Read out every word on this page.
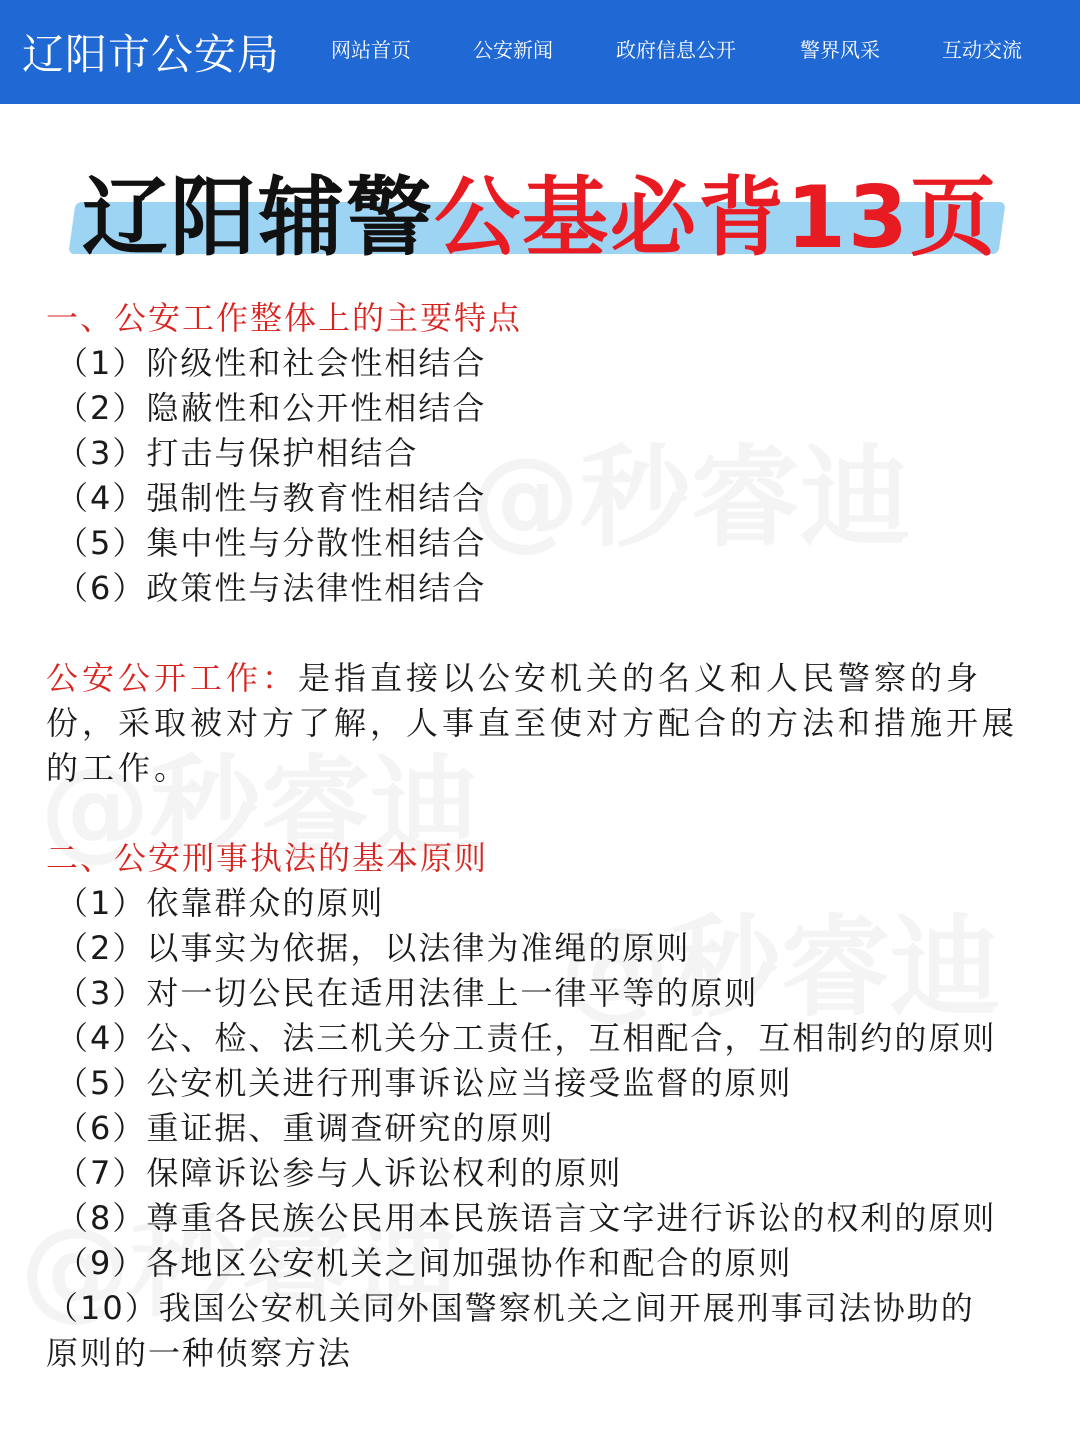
辽阳市公安局	网站首页	公安新闻	政府信息公开	警界风采	互动交流
辽阳辅警公基必背13页
一、公安工作整体上的主要特点
（1）阶级性和社会性相结合
（2）隐蔽性和公开性相结合
（3）打击与保护相结合
（4）强制性与教育性相结合
（5）集中性与分散性相结合
（6）政策性与法律性相结合
公安公开工作：是指直接以公安机关的名义和人民警察的身
份，采取被对方了解，人事直至使对方配合的方法和措施开展
的工作。
二、公安刑事执法的基本原则
（1）依靠群众的原则
（2）以事实为依据，以法律为准绳的原则
（3）对一切公民在适用法律上一律平等的原则
（4）公、检、法三机关分工责任，互相配合，互相制约的原则
（5）公安机关进行刑事诉讼应当接受监督的原则
（6）重证据、重调查研究的原则
（7）保障诉讼参与人诉讼权利的原则
（8）尊重各民族公民用本民族语言文字进行诉讼的权利的原则
（9）各地区公安机关之间加强协作和配合的原则
（10）我国公安机关同外国警察机关之间开展刑事司法协助的
原则的一种侦察方法
